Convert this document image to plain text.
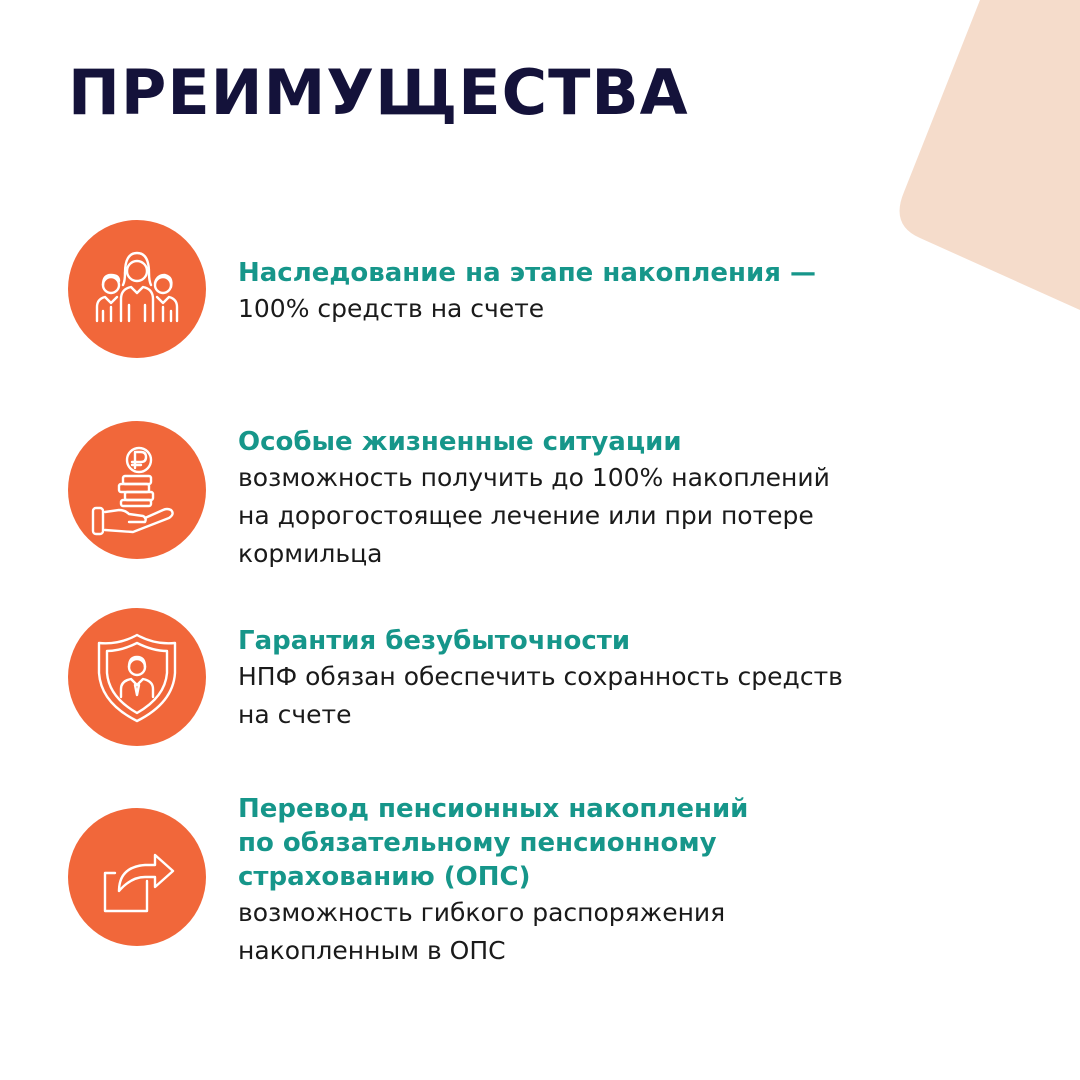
ПРЕИМУЩЕСТВА

Наследование на этапе накопления —

100% средств на счете

Особые жизненные ситуации

возможность получить до 100% накоплений
на дорогостоящее лечение или при потере
кормильца

Гарантия безубыточности

НПФ обязан обеспечить сохранность средств
на счете

Перевод пенсионных накоплений
по обязательному пенсионному
страхованию (ОПС)

возможность гибкого распоряжения
накопленным в ОПС
